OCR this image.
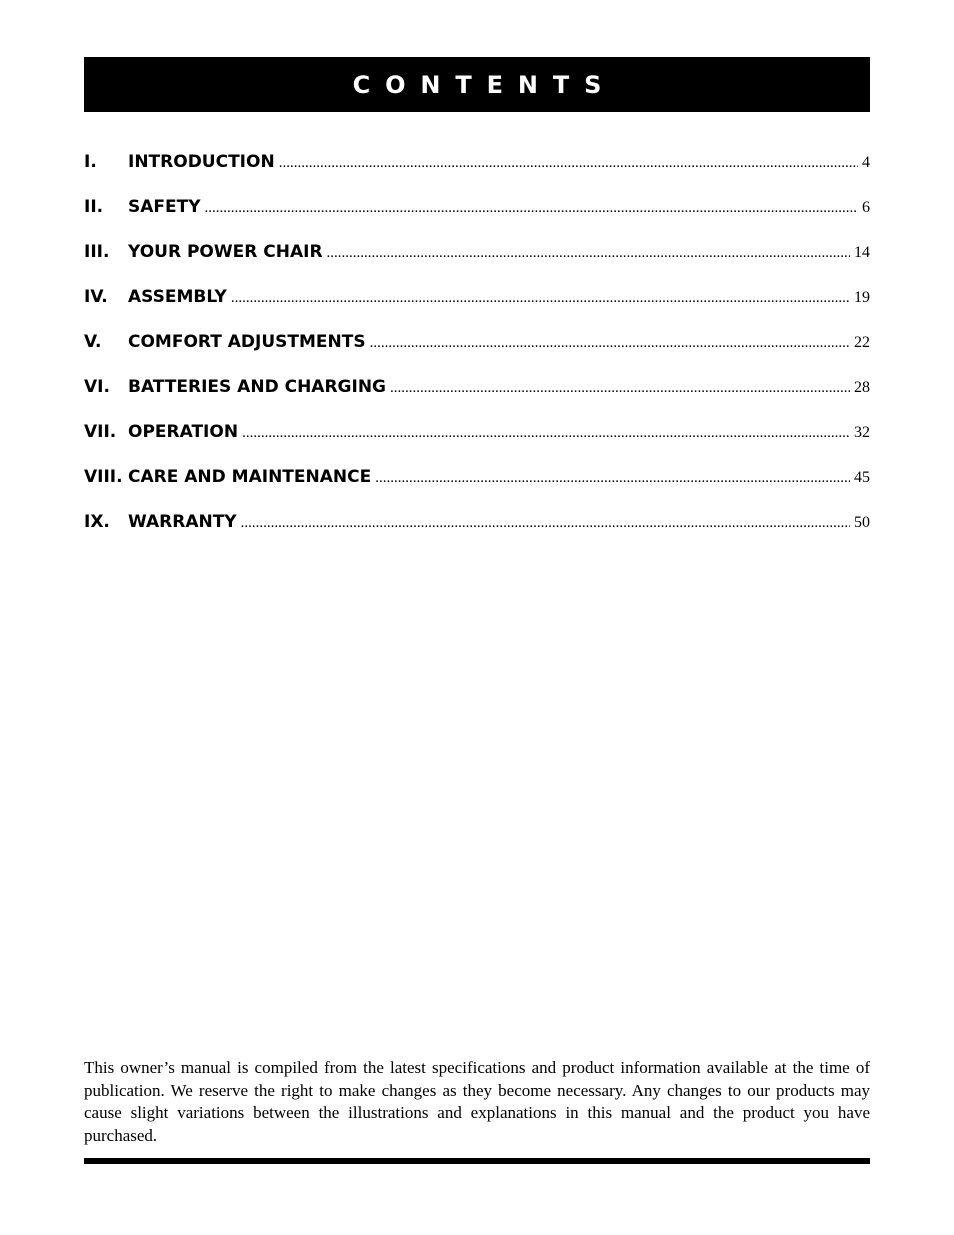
CONTENTS
I.	INTRODUCTION .....	4
II.	SAFETY .....	6
III.	YOUR POWER CHAIR .....	14
IV.	ASSEMBLY .....	19
V.	COMFORT ADJUSTMENTS .....	22
VI.	BATTERIES AND CHARGING .....	28
VII. OPERATION .....	32
VIII. CARE AND MAINTENANCE .....	45
IX.	WARRANTY .....	50

This owner’s manual is compiled from the latest specifications and product information available at the time of publication. We reserve the right to make changes as they become necessary. Any changes to our products may cause slight variations between the illustrations and explanations in this manual and the product you have purchased.
